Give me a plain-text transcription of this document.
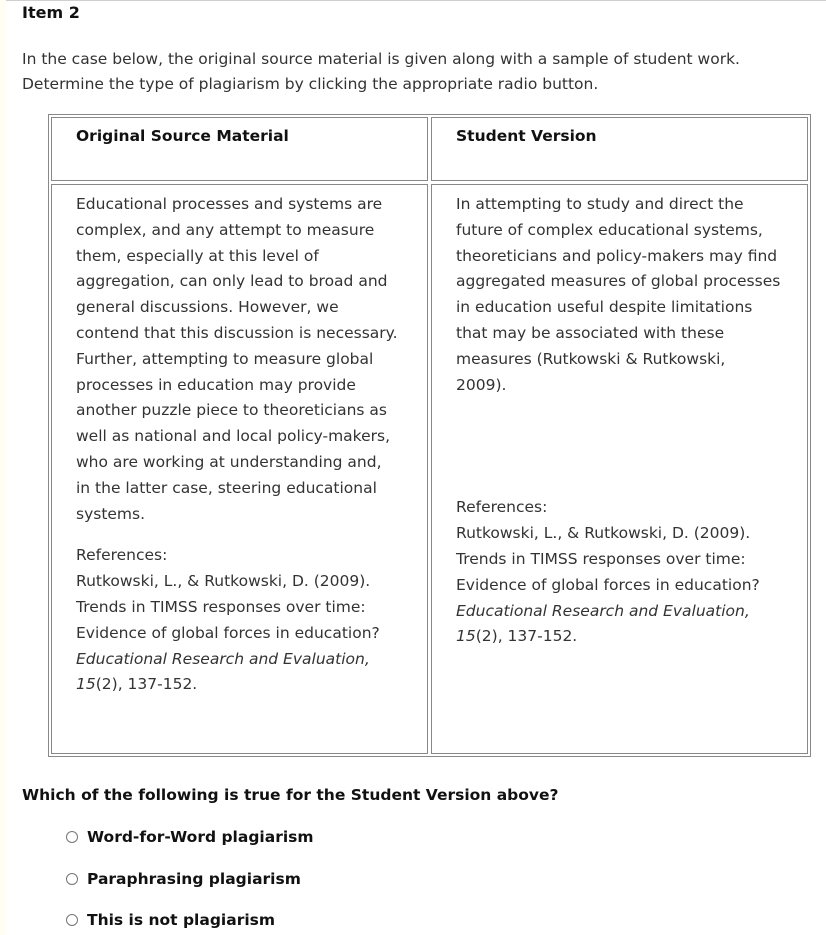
Item 2
In the case below, the original source material is given along with a sample of student work.
Determine the type of plagiarism by clicking the appropriate radio button.
Original Source Material	Student Version

Educational processes and systems are

complex, and any attempt to measure

them, especially at this level of

aggregation, can only lead to broad and

general discussions. However, we

contend that this discussion is necessary.

Further, attempting to measure global

processes in education may provide

another puzzle piece to theoreticians as

well as national and local policy-makers,

who are working at understanding and,

in the latter case, steering educational

systems.

References:

Rutkowski, L., & Rutkowski, D. (2009).

Trends in TIMSS responses over time:

Evidence of global forces in education?

Educational Research and Evaluation,

15(2), 137-152.

In attempting to study and direct the

future of complex educational systems,

theoreticians and policy-makers may find

aggregated measures of global processes

in education useful despite limitations

that may be associated with these

measures (Rutkowski & Rutkowski,

2009).

References:

Rutkowski, L., & Rutkowski, D. (2009).

Trends in TIMSS responses over time:

Evidence of global forces in education?

Educational Research and Evaluation,

15(2), 137-152.

Which of the following is true for the Student Version above?
Word-for-Word plagiarism
Paraphrasing plagiarism
This is not plagiarism
